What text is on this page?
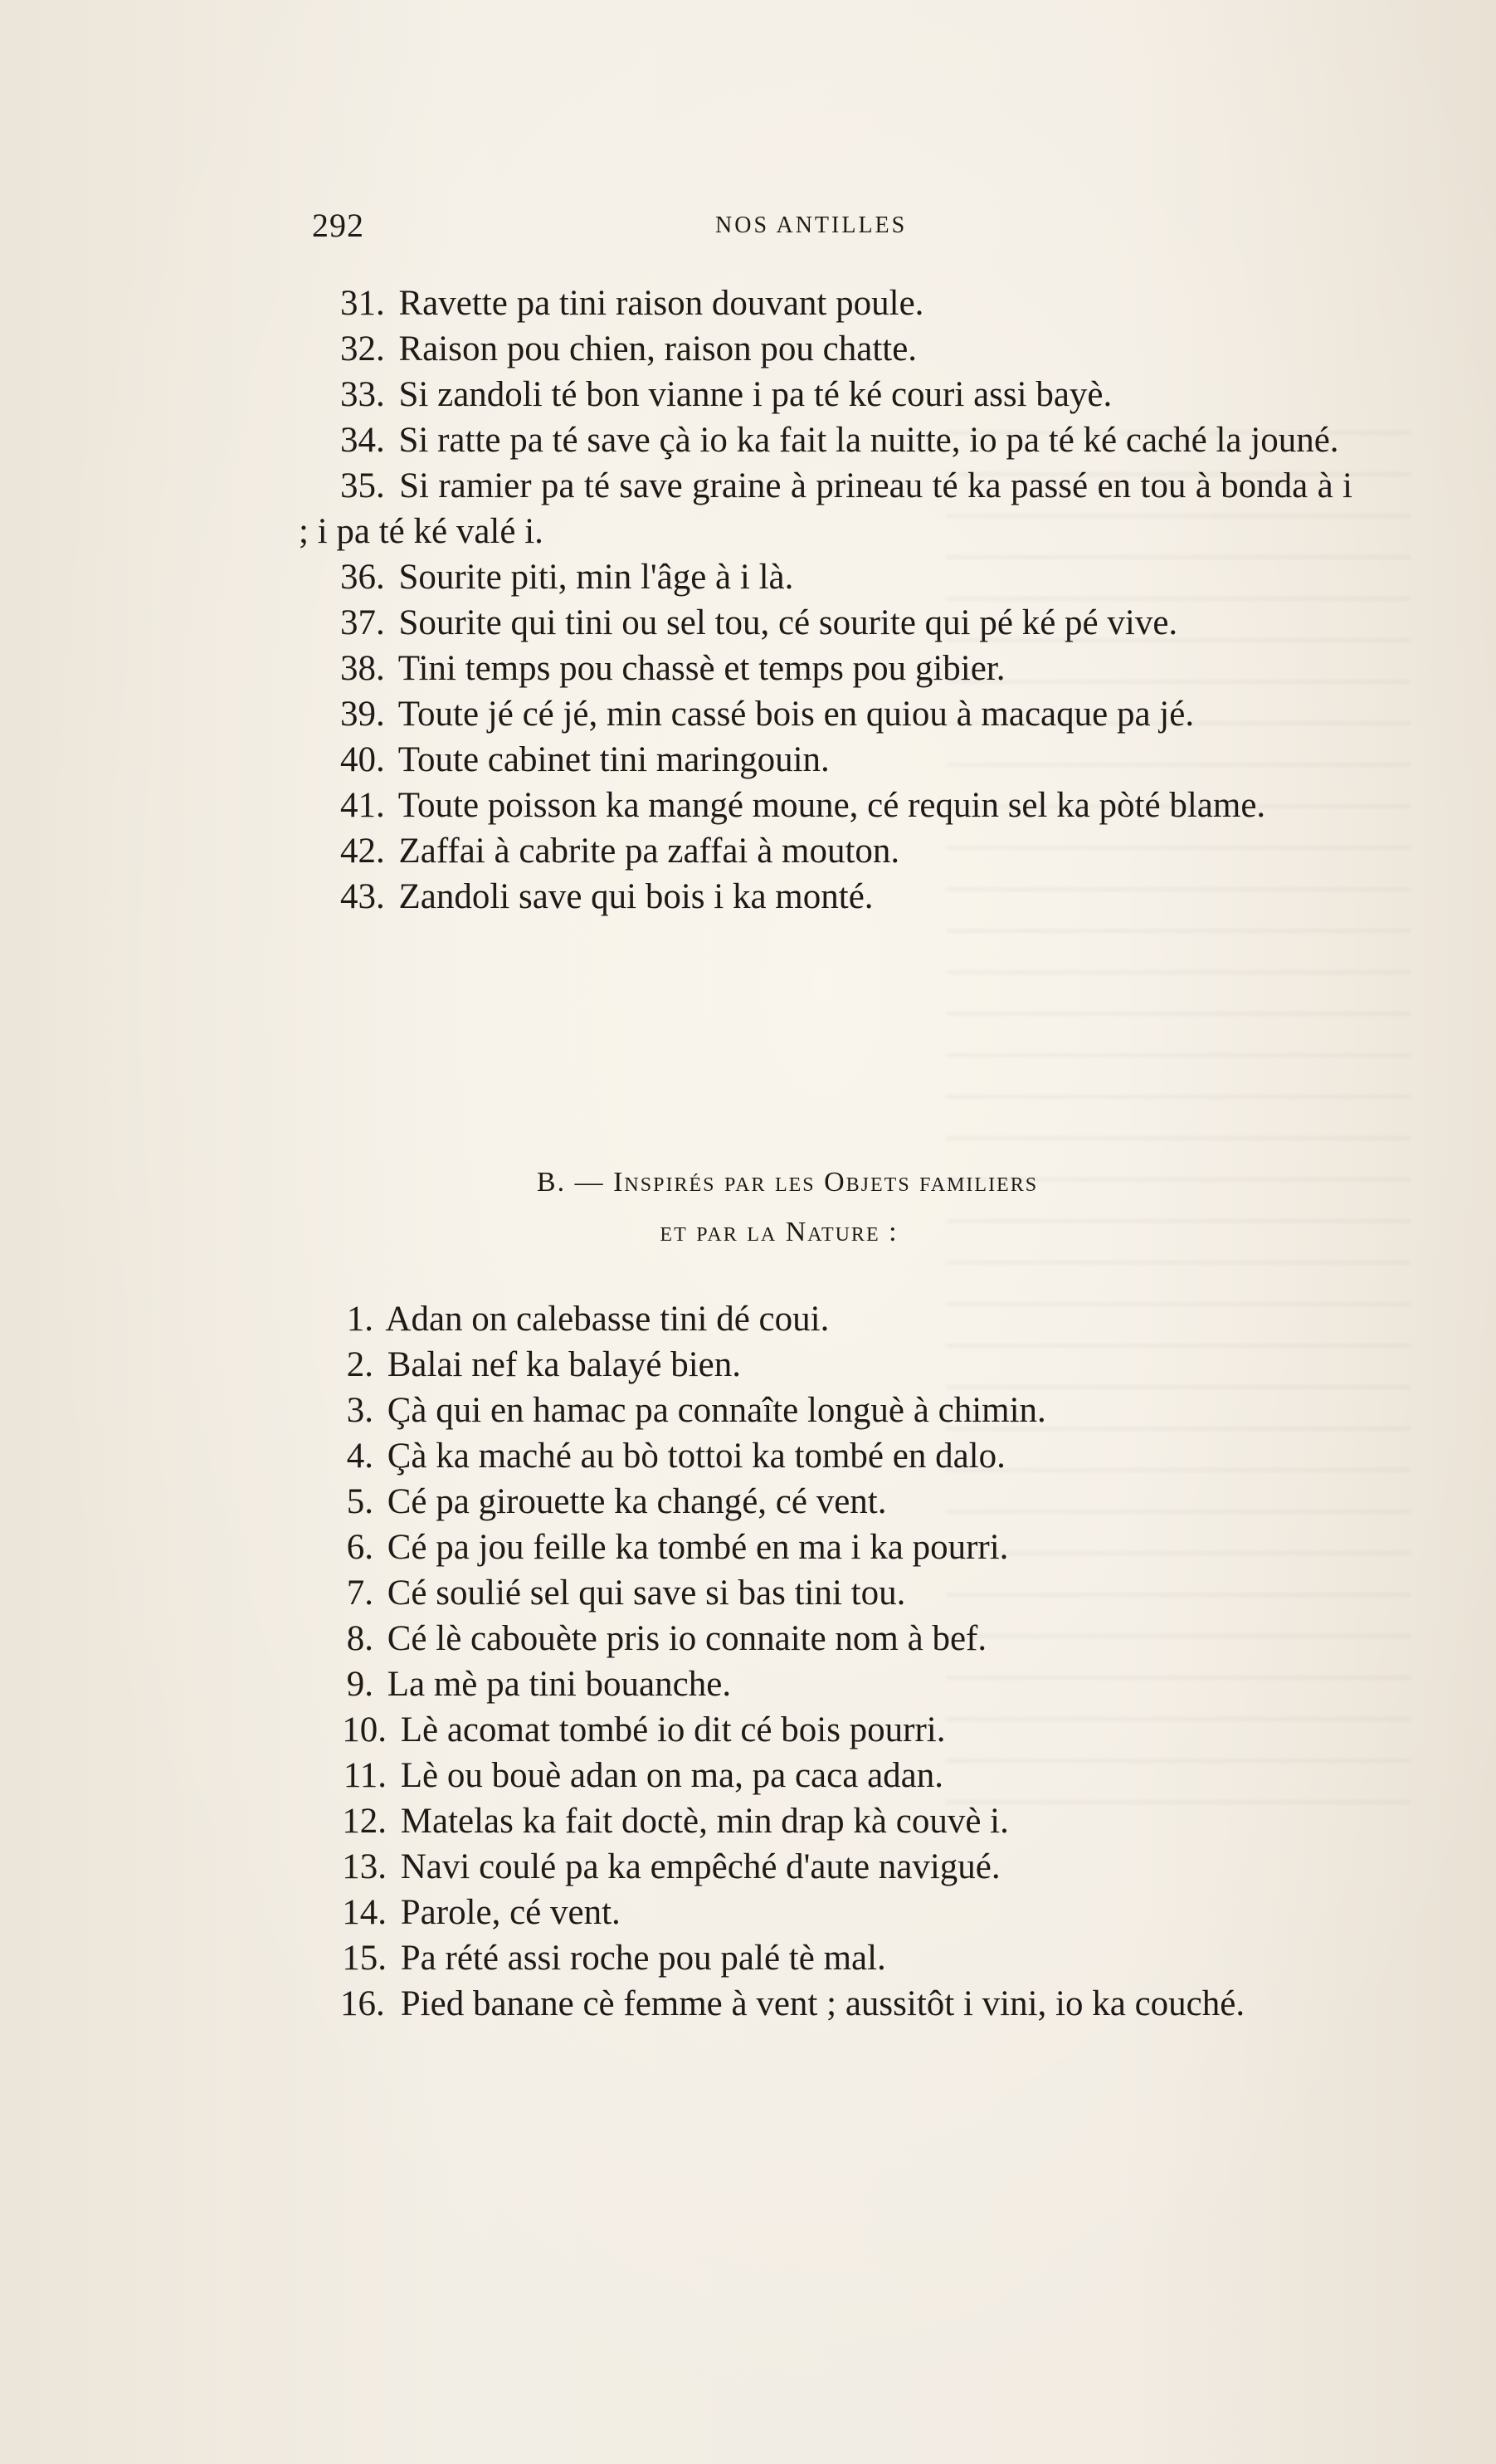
292	NOS ANTILLES

31. Ravette pa tini raison douvant poule.

32. Raison pou chien, raison pou chatte.

33. Si zandoli té bon vianne i pa té ké couri assi bayè.

34. Si ratte pa té save çà io ka fait la nuitte, io pa té ké caché la jouné.

35. Si ramier pa té save graine à prineau té ka passé en tou à bonda à i ; i pa té ké valé i.

36. Sourite piti, min l'âge à i là.

37. Sourite qui tini ou sel tou, cé sourite qui pé ké pé vive.

38. Tini temps pou chassè et temps pou gibier.

39. Toute jé cé jé, min cassé bois en quiou à macaque pa jé.

40. Toute cabinet tini maringouin.

41. Toute poisson ka mangé moune, cé requin sel ka pòté blame.

42. Zaffai à cabrite pa zaffai à mouton.

43. Zandoli save qui bois i ka monté.

B. — Inspirés par les Objets familiers
et par la Nature :

1. Adan on calebasse tini dé coui.

2. Balai nef ka balayé bien.

3. Çà qui en hamac pa connaîte longuè à chimin.

4. Çà ka maché au bò tottoi ka tombé en dalo.

5. Cé pa girouette ka changé, cé vent.

6. Cé pa jou feille ka tombé en ma i ka pourri.

7. Cé soulié sel qui save si bas tini tou.

8. Cé lè cabouète pris io connaite nom à bef.

9. La mè pa tini bouanche.

10. Lè acomat tombé io dit cé bois pourri.

11. Lè ou bouè adan on ma, pa caca adan.

12. Matelas ka fait doctè, min drap kà couvè i.

13. Navi coulé pa ka empêché d'aute navigué.

14. Parole, cé vent.

15. Pa rété assi roche pou palé tè mal.

16. Pied banane cè femme à vent ; aussitôt i vini, io ka couché.
